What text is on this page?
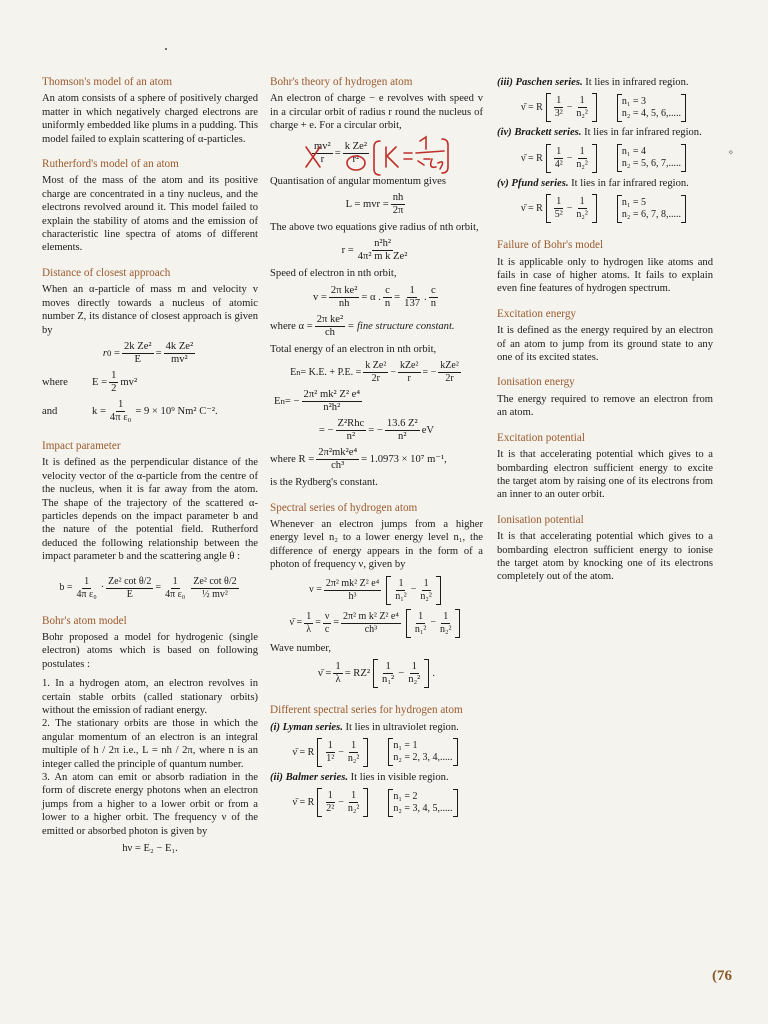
⋄
Thomson's model of an atom

An atom consists of a sphere of positively charged matter in which negatively charged electrons are uniformly embedded like plums in a pudding. This model failed to explain scattering of α-particles.

Rutherford's model of an atom

Most of the mass of the atom and its positive charge are concentrated in a tiny nucleus, and the electrons revolved around it. This model failed to explain the stability of atoms and the emission of characteristic line spectra of atoms of different elements.

Distance of closest approach

When an α-particle of mass m and velocity v moves directly towards a nucleus of atomic number Z, its distance of closest approach is given by

r $0 = \frac{\text{2k Ze²}}{E} = \frac{\text{4k Ze²}}{\text{mv²}}$
where	$E = \frac{1}{2} mv^2$
and	$k = \frac{1}{\text{4π ε₀}} = 9 \times 10^9$ Nm² C⁻².
Impact parameter

It is defined as the perpendicular distance of the velocity vector of the α-particle from the centre of the nucleus, when it is far away from the atom. The shape of the trajectory of the scattered α-particles depends on the impact parameter b and the nature of the potential field. Rutherford deduced the following relationship between the impact parameter b and the scattering angle θ :

$b = \frac{1}{\text{4π ε₀}} \cdot \frac{\text{Ze² cot θ/2}}{E} = \frac{1}{\text{4π ε₀}} \frac{\text{Ze² cot θ/2}}{\text{½ mv²}}$
Bohr's atom model

Bohr proposed a model for hydrogenic (single electron) atoms which is based on following postulates :

1. In a hydrogen atom, an electron revolves in certain stable orbits (called stationary orbits) without the emission of radiant energy.

2. The stationary orbits are those in which the angular momentum of an electron is an integral multiple of h / 2π i.e., L = nh / 2π, where n is an integer called the principle of quantum number.

3. An atom can emit or absorb radiation in the form of discrete energy photons when an electron jumps from a higher to a lower orbit or from a lower to a higher orbit. The frequency ν of the emitted or absorbed photon is given by

hν = E₂ − E₁.
Bohr's theory of hydrogen atom

An electron of charge − e revolves with speed v in a circular orbit of radius r round the nucleus of charge + e. For a circular orbit,

$\frac{\text{mv²}}{r} = \frac{\text{k Ze²}}{\text{r²}}$

Quantisation of angular momentum gives

L = mvr = $\frac{nh}{2\pi}$

The above two equations give radius of nth orbit,

$r = \frac{\text{n²h²}}{\text{4π² m k Ze²}}$

Speed of electron in nth orbit,

$v = \frac{\text{2π ke²}}{nh} = \alpha$ . $\frac{c}{n} = \frac{1}{137}$ . $\frac{c}{n}$
where $\alpha = \frac{\text{2π ke²}}{ch}$ = fine structure constant.

Total energy of an electron in nth orbit,

E n = K.E. + P.E. = $\frac{\text{k Ze²}}{2r} - \frac{\text{kZe²}}{r}$ = − $\frac{\text{kZe²}}{2r}$
E n = − $\frac{\text{2π² mk² Z² e⁴}}{\text{n²h²}}$
= − $\frac{\text{Z²Rhc}}{\text{n²}}$ = − $\frac{\text{13.6 Z²}}{\text{n²}}$ eV
where $R = \frac{\text{2π²mk²e⁴}}{\text{ch³}} = 1.0973 \times 10^7$ m⁻¹,

is the Rydberg's constant.

Spectral series of hydrogen atom

Whenever an electron jumps from a higher energy level n₂ to a lower energy level n₁, the difference of energy appears in the form of a photon of frequency ν, given by

$\nu = \frac{\text{2π² mk² Z² e⁴}}{\text{h³}} \frac{1}{\text{n₁²}} - \frac{1}{\text{n₂²}}$
ν̄ = $\frac{1}{\lambda} = \frac{\nu}{c} = \frac{\text{2π² m k² Z² e⁴}}{\text{ch³}} \frac{1}{\text{n₁²}} - \frac{1}{\text{n₂²}}$

Wave number,

ν̄ = $\frac{1}{\lambda} = RZ^2 \frac{1}{\text{n₁²}} - \frac{1}{\text{n₂²}}$ .
Different spectral series for hydrogen atom
(i) Lyman series. It lies in ultraviolet region.
ν̄ = R $\frac{1}{\text{1²}} - \frac{1}{\text{n₂²}}$	n₁ = 1
n₂ = 2, 3, 4,.....
(ii) Balmer series. It lies in visible region.
ν̄ = R $\frac{1}{\text{2²}} - \frac{1}{\text{n₂²}}$	n₁ = 2
n₂ = 3, 4, 5,.....
(iii) Paschen series. It lies in infrared region.
ν̄ = R $\frac{1}{\text{3²}} - \frac{1}{\text{n₂²}}$	n₁ = 3
n₂ = 4, 5, 6,.....
(iv) Brackett series. It lies in far infrared region.
ν̄ = R $\frac{1}{\text{4²}} - \frac{1}{\text{n₂²}}$	n₁ = 4
n₂ = 5, 6, 7,.....
(v) Pfund series. It lies in far infrared region.
ν̄ = R $\frac{1}{\text{5²}} - \frac{1}{\text{n₂²}}$	n₁ = 5
n₂ = 6, 7, 8,.....
Failure of Bohr's model

It is applicable only to hydrogen like atoms and fails in case of higher atoms. It fails to explain even fine features of hydrogen spectrum.

Excitation energy

It is defined as the energy required by an electron of an atom to jump from its ground state to any one of its excited states.

Ionisation energy

The energy required to remove an electron from an atom.

Excitation potential

It is that accelerating potential which gives to a bombarding electron sufficient energy to excite the target atom by raising one of its electrons from an inner to an outer orbit.

Ionisation potential

It is that accelerating potential which gives to a bombarding electron sufficient energy to ionise the target atom by knocking one of its electrons completely out of the atom.

(76
